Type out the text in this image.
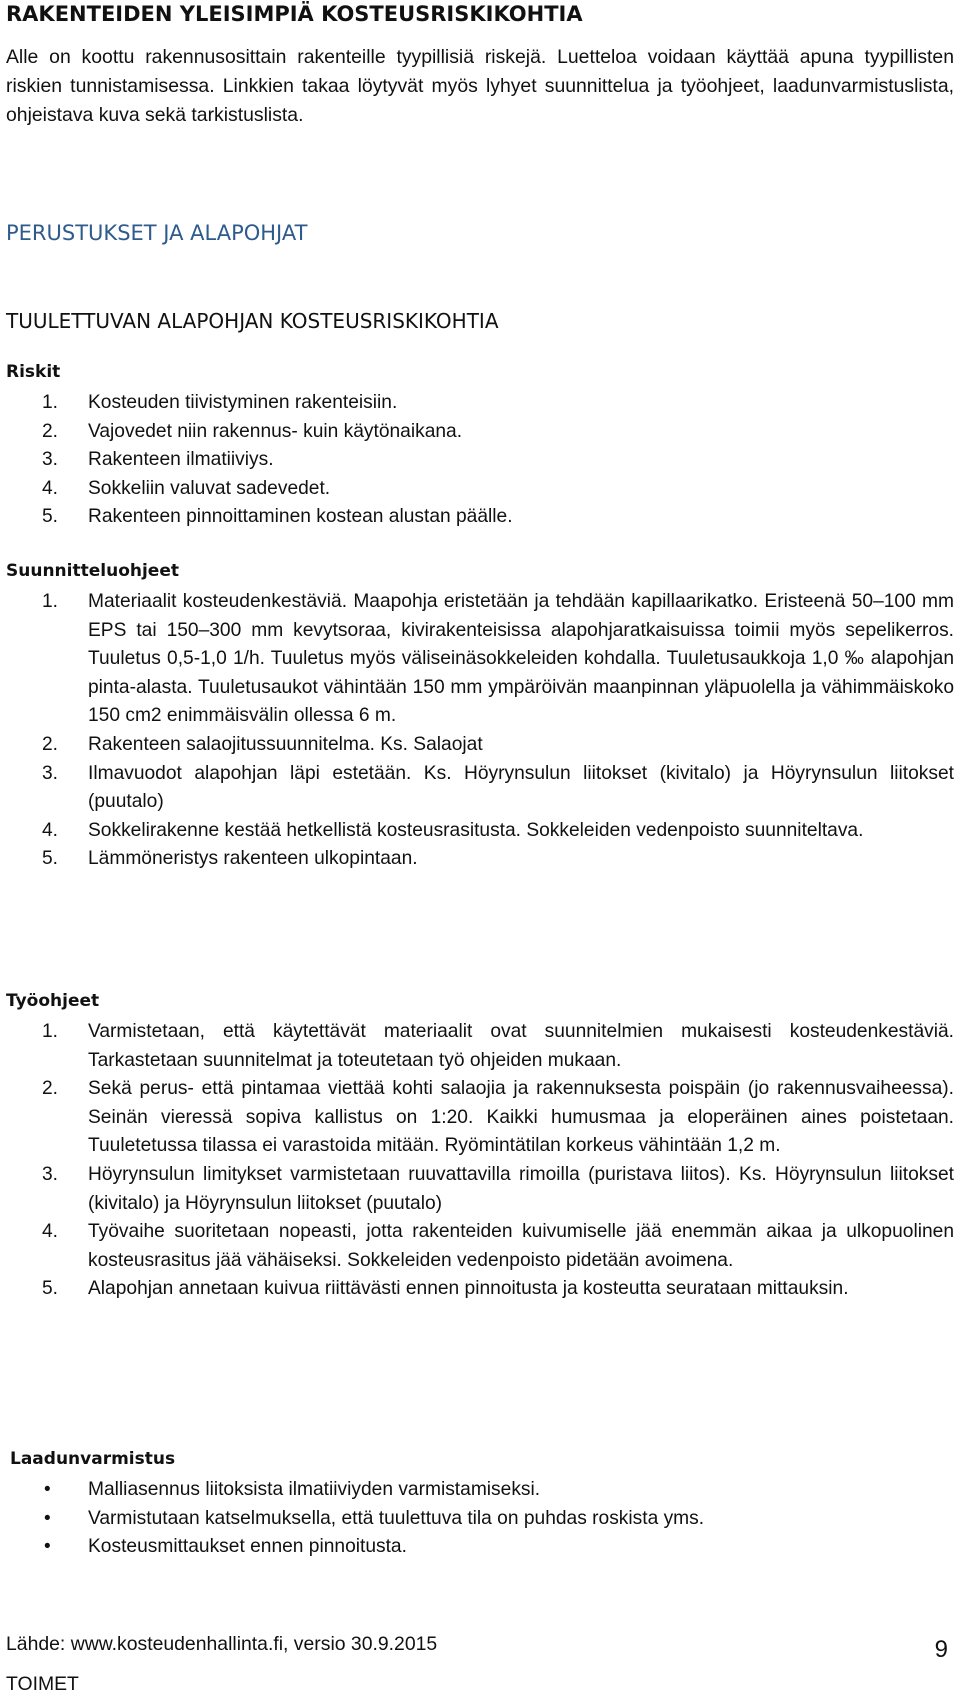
RAKENTEIDEN YLEISIMPIÄ KOSTEUSRISKIKOHTIA

Alle on koottu rakennusosittain rakenteille tyypillisiä riskejä. Luetteloa voidaan käyttää apuna tyypillisten riskien tunnistamisessa. Linkkien takaa löytyvät myös lyhyet suunnittelua ja työohjeet, laadunvarmistuslista, ohjeistava kuva sekä tarkistuslista.

PERUSTUKSET JA ALAPOHJAT
TUULETTUVAN ALAPOHJAN KOSTEUSRISKIKOHTIA
Riskit
1.	Kosteuden tiivistyminen rakenteisiin.
2.	Vajovedet niin rakennus- kuin käytönaikana.
3.	Rakenteen ilmatiiviys.
4.	Sokkeliin valuvat sadevedet.
5.	Rakenteen pinnoittaminen kostean alustan päälle.
Suunnitteluohjeet
1.	Materiaalit kosteudenkestäviä. Maapohja eristetään ja tehdään kapillaarikatko. Eristeenä 50–100 mm EPS tai 150–300 mm kevytsoraa, kivirakenteisissa alapohjaratkaisuissa toimii myös sepelikerros. Tuuletus 0,5-1,0 1/h. Tuuletus myös väliseinäsokkeleiden kohdalla. Tuuletusaukkoja 1,0 ‰ alapohjan pinta-alasta. Tuuletusaukot vähintään 150 mm ympäröivän maanpinnan yläpuolella ja vähimmäiskoko 150 cm2 enimmäisvälin ollessa 6 m.
2.	Rakenteen salaojitussuunnitelma. Ks. Salaojat
3.	Ilmavuodot alapohjan läpi estetään. Ks. Höyrynsulun liitokset (kivitalo) ja Höyrynsulun liitokset (puutalo)
4.	Sokkelirakenne kestää hetkellistä kosteusrasitusta. Sokkeleiden vedenpoisto suunniteltava.
5.	Lämmöneristys rakenteen ulkopintaan.
Työohjeet
1.	Varmistetaan, että käytettävät materiaalit ovat suunnitelmien mukaisesti kosteudenkestäviä. Tarkastetaan suunnitelmat ja toteutetaan työ ohjeiden mukaan.
2.	Sekä perus- että pintamaa viettää kohti salaojia ja rakennuksesta poispäin (jo rakennusvaiheessa). Seinän vieressä sopiva kallistus on 1:20. Kaikki humusmaa ja eloperäinen aines poistetaan. Tuuletetussa tilassa ei varastoida mitään. Ryömintätilan korkeus vähintään 1,2 m.
3.	Höyrynsulun limitykset varmistetaan ruuvattavilla rimoilla (puristava liitos). Ks. Höyrynsulun liitokset (kivitalo) ja Höyrynsulun liitokset (puutalo)
4.	Työvaihe suoritetaan nopeasti, jotta rakenteiden kuivumiselle jää enemmän aikaa ja ulkopuolinen kosteusrasitus jää vähäiseksi. Sokkeleiden vedenpoisto pidetään avoimena.
5.	Alapohjan annetaan kuivua riittävästi ennen pinnoitusta ja kosteutta seurataan mittauksin.
Laadunvarmistus
• Malliasennus liitoksista ilmatiiviyden varmistamiseksi.
• Varmistutaan katselmuksella, että tuulettuva tila on puhdas roskista yms.
• Kosteusmittaukset ennen pinnoitusta.
Lähde: www.kosteudenhallinta.fi, versio 30.9.2015	9
TOIMET
